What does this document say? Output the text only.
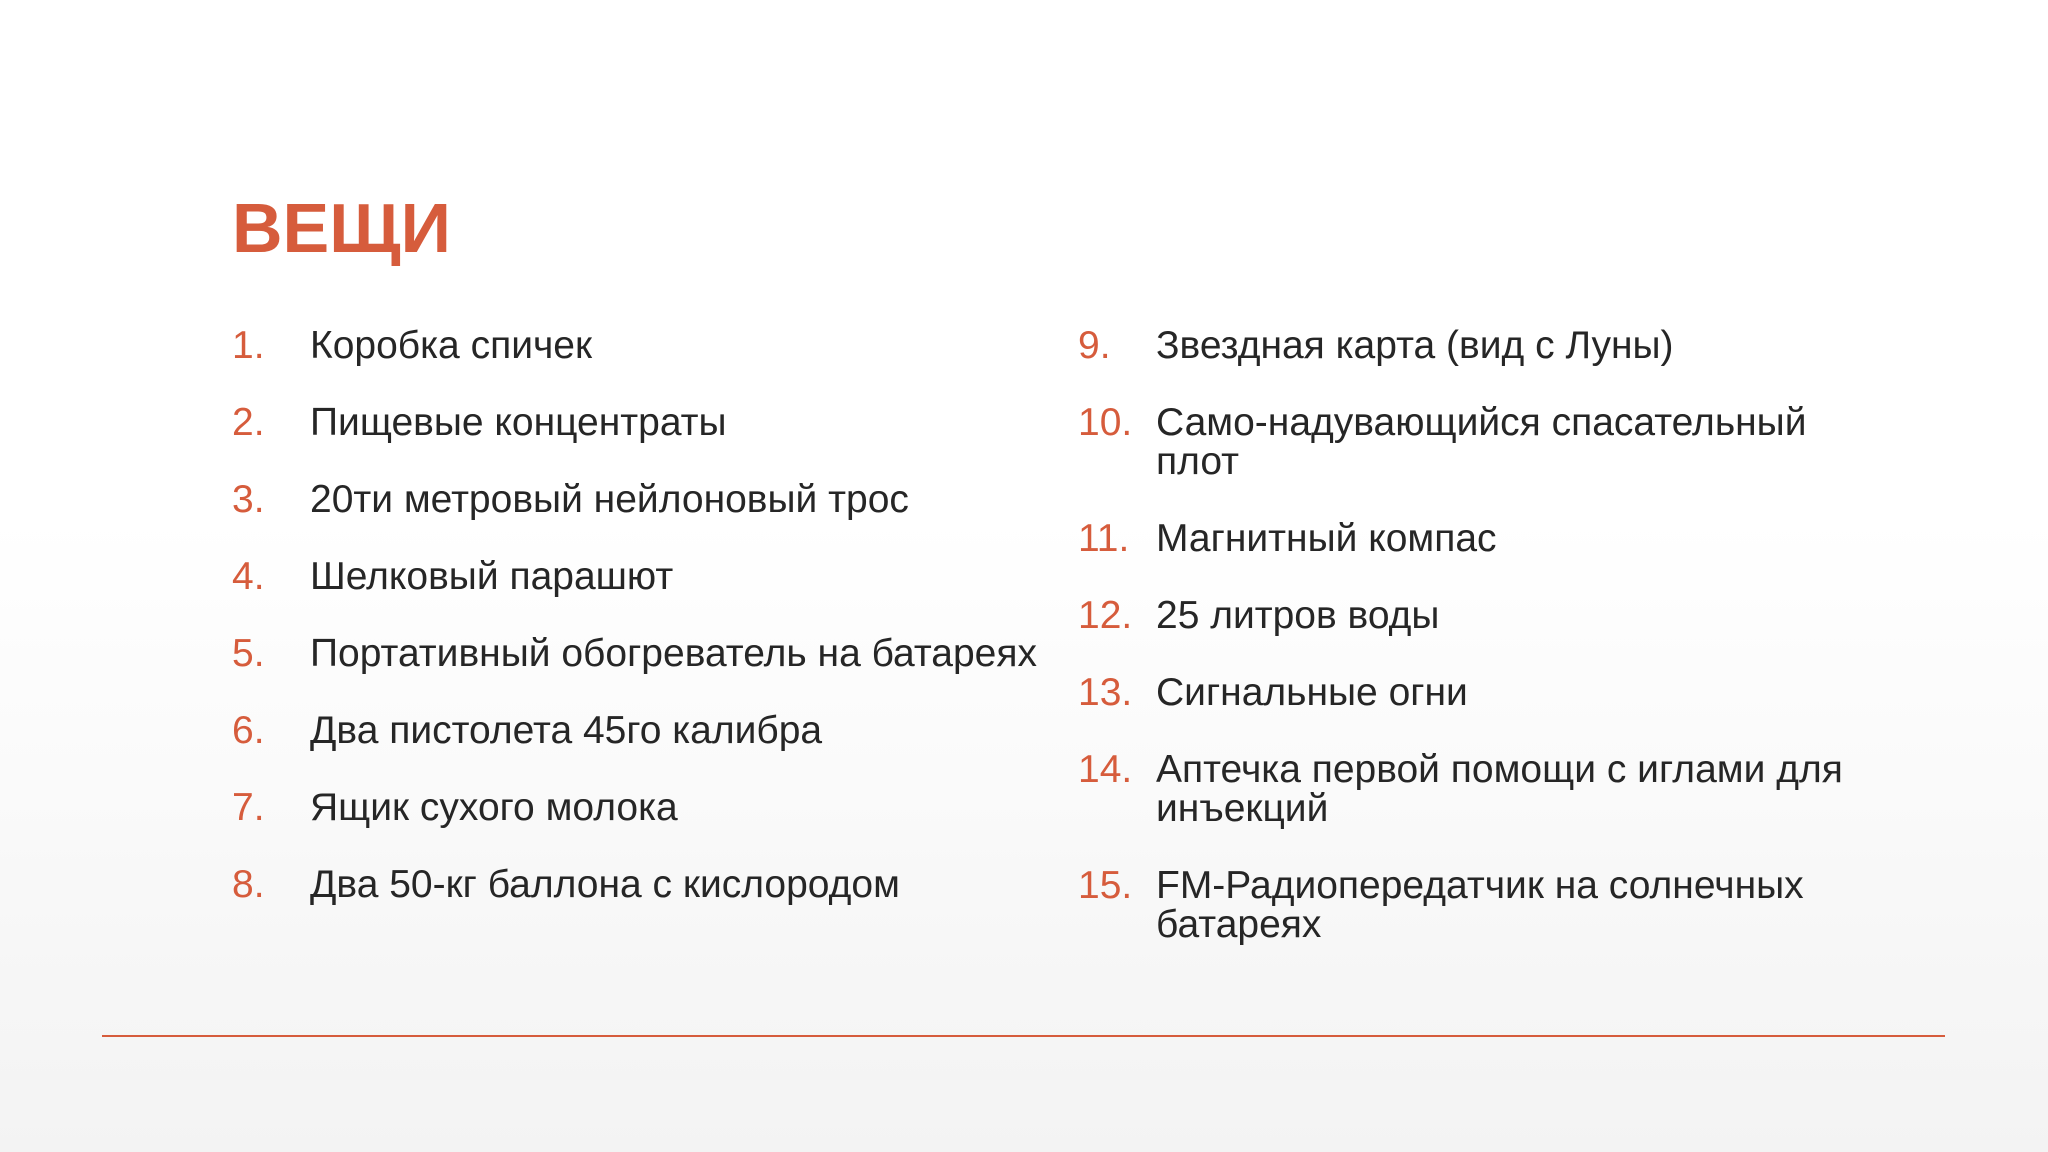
ВЕЩИ
1.	Коробка спичек
2.	Пищевые концентраты
3.	20ти метровый нейлоновый трос
4.	Шелковый парашют
5.	Портативный обогреватель на батареях
6.	Два пистолета 45го калибра
7.	Ящик сухого молока
8.	Два 50-кг баллона с кислородом
9.	Звездная карта (вид с Луны)
10. Само-надувающийся спасательный плот
11. Магнитный компас
12. 25 литров воды
13. Сигнальные огни
14. Аптечка первой помощи с иглами для инъекций
15. FM-Радиопередатчик на солнечных батареях
